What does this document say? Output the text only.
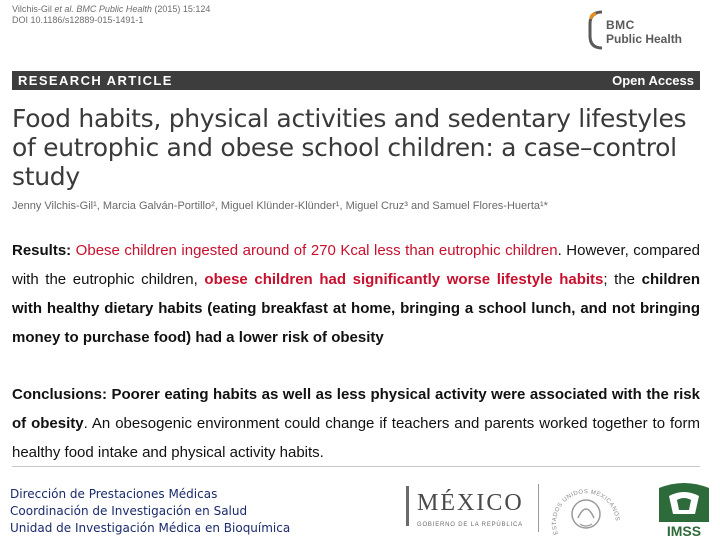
Vilchis-Gil et al. BMC Public Health (2015) 15:124
DOI 10.1186/s12889-015-1491-1	BMC
Public Health
RESEARCH ARTICLE	Open Access
Food habits, physical activities and sedentary lifestyles of eutrophic and obese school children: a case–control study
Jenny Vilchis-Gil¹, Marcia Galván-Portillo², Miguel Klünder-Klünder¹, Miguel Cruz³ and Samuel Flores-Huerta¹*

Results: Obese children ingested around of 270 Kcal less than eutrophic children. However, compared with the eutrophic children, obese children had significantly worse lifestyle habits; the children with healthy dietary habits (eating breakfast at home, bringing a school lunch, and not bringing money to purchase food) had a lower risk of obesity

Conclusions: Poorer eating habits as well as less physical activity were associated with the risk of obesity. An obesogenic environment could change if teachers and parents worked together to form healthy food intake and physical activity habits.

Dirección de Prestaciones Médicas
Coordinación de Investigación en Salud
Unidad de Investigación Médica en Bioquímica
MÉXICO
GOBIERNO DE LA REPÚBLICA
ESTADOS UNIDOS MEXICANOS
IMSS
